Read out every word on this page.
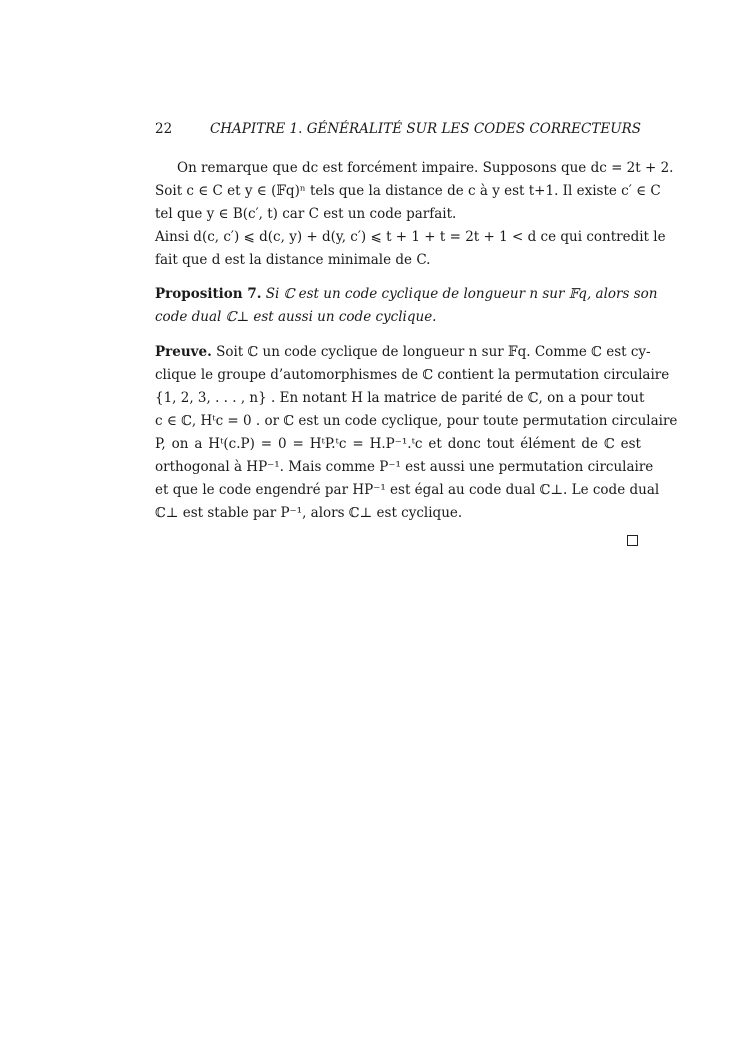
22	CHAPITRE 1. GÉNÉRALITÉ SUR LES CODES CORRECTEURS
On remarque que dc est forcément impaire. Supposons que dc = 2t + 2.
Soit c ∈ C et y ∈ (𝔽q)ⁿ tels que la distance de c à y est t+1. Il existe c′ ∈ C
tel que y ∈ B(c′, t) car C est un code parfait.
Ainsi d(c, c′) ⩽ d(c, y) + d(y, c′) ⩽ t + 1 + t = 2t + 1 < d ce qui contredit le
fait que d est la distance minimale de C.
Proposition 7. Si ℂ est un code cyclique de longueur n sur 𝔽q, alors son
code dual ℂ⊥ est aussi un code cyclique.
Preuve. Soit ℂ un code cyclique de longueur n sur 𝔽q. Comme ℂ est cy-
clique le groupe d’automorphismes de ℂ contient la permutation circulaire
{1, 2, 3, . . . , n} . En notant H la matrice de parité de ℂ, on a pour tout
c ∈ ℂ, Hᵗc = 0 . or ℂ est un code cyclique, pour toute permutation circulaire
P, on a Hᵗ(c.P) = 0 = HᵗP.ᵗc = H.P⁻¹.ᵗc et donc tout élément de ℂ est
orthogonal à HP⁻¹. Mais comme P⁻¹ est aussi une permutation circulaire
et que le code engendré par HP⁻¹ est égal au code dual ℂ⊥. Le code dual
ℂ⊥ est stable par P⁻¹, alors ℂ⊥ est cyclique.
